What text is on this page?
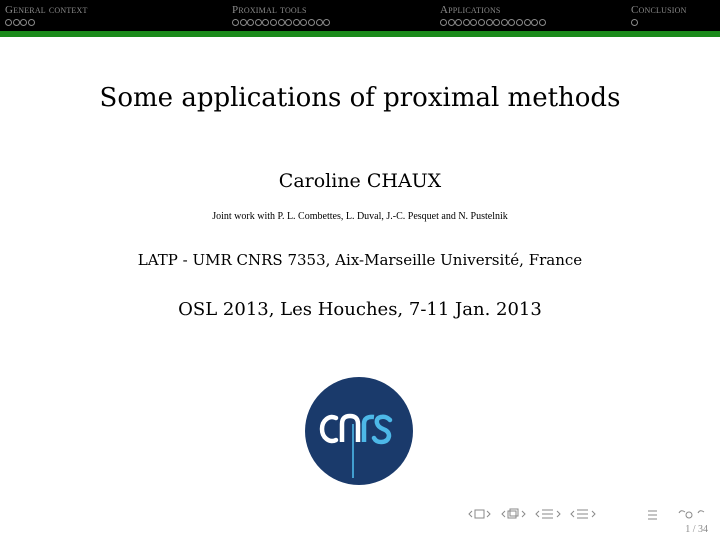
General context	Proximal tools	Applications	Conclusion
Some applications of proximal methods
Caroline CHAUX
Joint work with P. L. Combettes, L. Duval, J.-C. Pesquet and N. Pustelnik
LATP - UMR CNRS 7353, Aix-Marseille Université, France
OSL 2013, Les Houches, 7-11 Jan. 2013
1 / 34
